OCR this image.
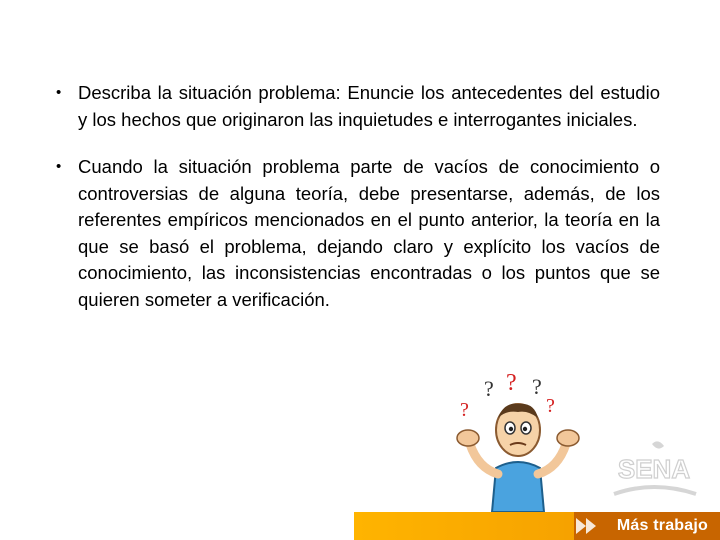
• Describa la situación problema: Enuncie los antecedentes del estudio y los hechos que originaron las inquietudes e interrogantes iniciales.
• Cuando la situación problema parte de vacíos de conocimiento o controversias de alguna teoría, debe presentarse, además, de los referentes empíricos mencionados en el punto anterior, la teoría en la que se basó el problema, dejando claro y explícito los vacíos de conocimiento, las inconsistencias encontradas o los puntos que se quieren someter a verificación.
? ? ?
?	?
SENA
Más trabajo
